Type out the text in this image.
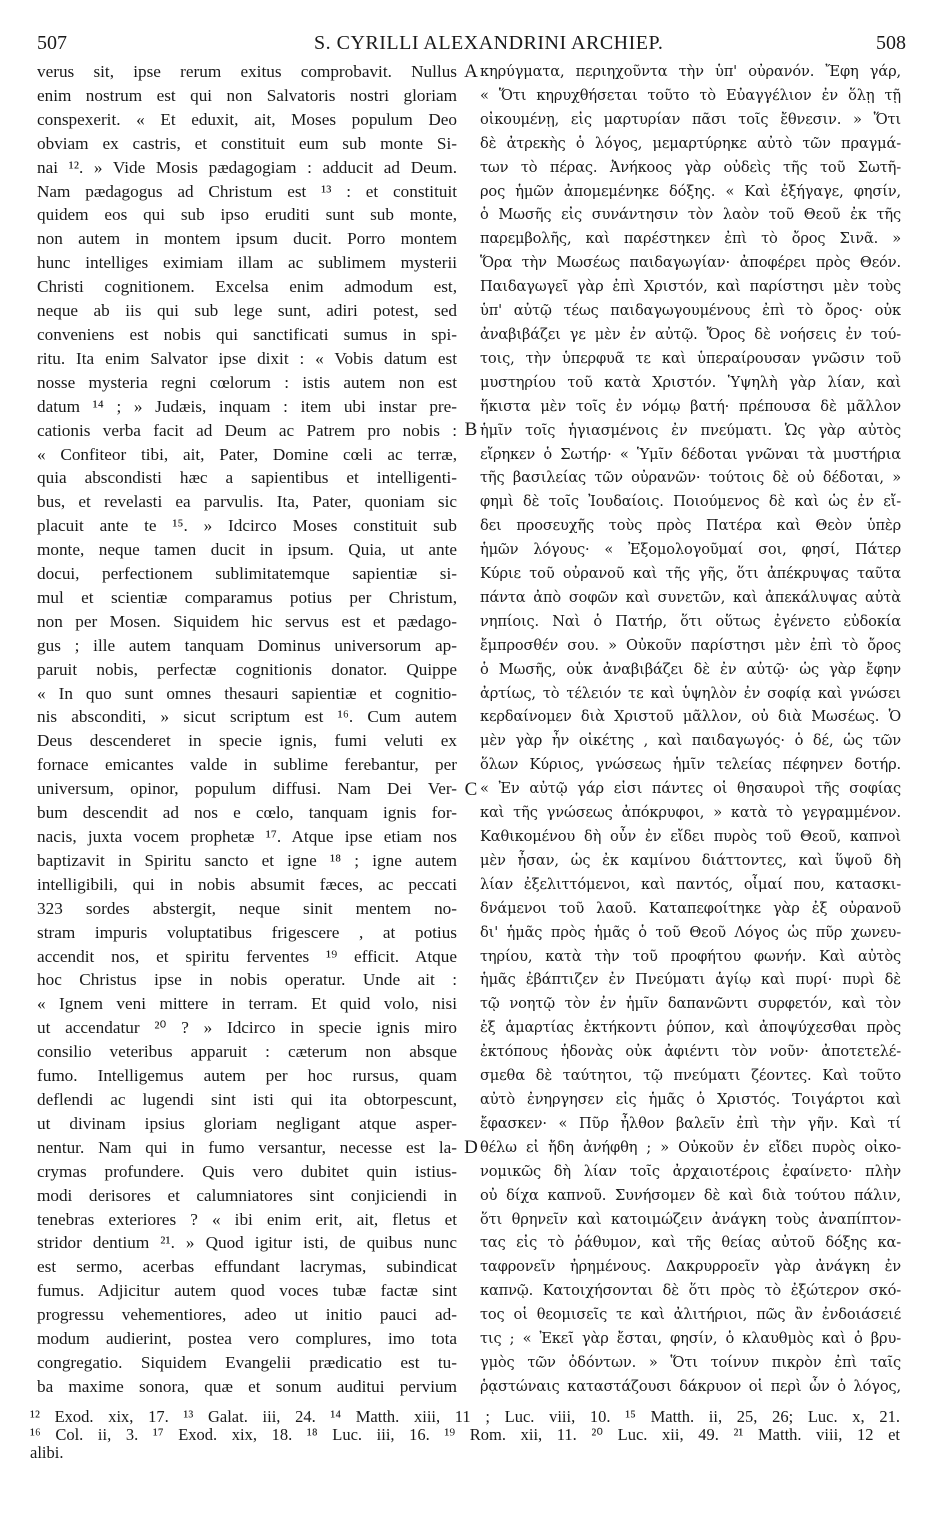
507	S. CYRILLI ALEXANDRINI ARCHIEP.	508
verus sit, ipse rerum exitus comprobavit. Nullus
enim nostrum est qui non Salvatoris nostri gloriam
conspexerit. « Et eduxit, ait, Moses populum Deo
obviam ex castris, et constituit eum sub monte Si-
nai ¹². » Vide Mosis pædagogiam : adducit ad Deum.
Nam pædagogus ad Christum est ¹³ : et constituit
quidem eos qui sub ipso eruditi sunt sub monte,
non autem in montem ipsum ducit. Porro montem
hunc intelliges eximiam illam ac sublimem mysterii
Christi cognitionem. Excelsa enim admodum est,
neque ab iis qui sub lege sunt, adiri potest, sed
conveniens est nobis qui sanctificati sumus in spi-
ritu. Ita enim Salvator ipse dixit : « Vobis datum est
nosse mysteria regni cœlorum : istis autem non est
datum ¹⁴ ; » Judæis, inquam : item ubi instar pre-
cationis verba facit ad Deum ac Patrem pro nobis :
« Confiteor tibi, ait, Pater, Domine cœli ac terræ,
quia abscondisti hæc a sapientibus et intelligenti-
bus, et revelasti ea parvulis. Ita, Pater, quoniam sic
placuit ante te ¹⁵. » Idcirco Moses constituit sub
monte, neque tamen ducit in ipsum. Quia, ut ante
docui, perfectionem sublimitatemque sapientiæ si-
mul et scientiæ comparamus potius per Christum,
non per Mosen. Siquidem hic servus est et pædago-
gus ; ille autem tanquam Dominus universorum ap-
paruit nobis, perfectæ cognitionis donator. Quippe
« In quo sunt omnes thesauri sapientiæ et cognitio-
nis absconditi, » sicut scriptum est ¹⁶. Cum autem
Deus descenderet in specie ignis, fumi veluti ex
fornace emicantes valde in sublime ferebantur, per
universum, opinor, populum diffusi. Nam Dei Ver-
bum descendit ad nos e cœlo, tanquam ignis for-
nacis, juxta vocem prophetæ ¹⁷. Atque ipse etiam nos
baptizavit in Spiritu sancto et igne ¹⁸ ; igne autem
intelligibili, qui in nobis absumit fæces, ac peccati
323 sordes abstergit, neque sinit mentem no-
stram impuris voluptatibus frigescere , at potius
accendit nos, et spiritu ferventes ¹⁹ efficit. Atque
hoc Christus ipse in nobis operatur. Unde ait :
« Ignem veni mittere in terram. Et quid volo, nisi
ut accendatur ²⁰ ? » Idcirco in specie ignis miro
consilio veteribus apparuit : cæterum non absque
fumo. Intelligemus autem per hoc rursus, quam
deflendi ac lugendi sint isti qui ita obtorpescunt,
ut divinam ipsius gloriam negligant atque asper-
nentur. Nam qui in fumo versantur, necesse est la-
crymas profundere. Quis vero dubitet quin istius-
modi derisores et calumniatores sint conjiciendi in
tenebras exteriores ? « ibi enim erit, ait, fletus et
stridor dentium ²¹. » Quod igitur isti, de quibus nunc
est sermo, acerbas effundant lacrymas, subindicat
fumus. Adjicitur autem quod voces tubæ factæ sint
progressu vehementiores, adeo ut initio pauci ad-
modum audierint, postea vero complures, imo tota
congregatio. Siquidem Evangelii prædicatio est tu-
ba maxime sonora, quæ et sonum auditui pervium
A
B
C
D
κηρύγματα, περιηχοῦντα τὴν ὑπ' οὐρανόν. Ἔφη γάρ,
« Ὅτι κηρυχθήσεται τοῦτο τὸ Εὐαγγέλιον ἐν ὅλῃ τῇ
οἰκουμένῃ, εἰς μαρτυρίαν πᾶσι τοῖς ἔθνεσιν. » Ὅτι
δὲ ἀτρεκὴς ὁ λόγος, μεμαρτύρηκε αὐτὸ τῶν πραγμά-
των τὸ πέρας. Ἀνήκοος γὰρ οὐδεὶς τῆς τοῦ Σωτῆ-
ρος ἡμῶν ἀπομεμένηκε δόξης. « Καὶ ἐξήγαγε, φησίν,
ὁ Μωσῆς εἰς συνάντησιν τὸν λαὸν τοῦ Θεοῦ ἐκ τῆς
παρεμβολῆς, καὶ παρέστηκεν ἐπὶ τὸ ὄρος Σινᾶ. »
Ὅρα τὴν Μωσέως παιδαγωγίαν· ἀποφέρει πρὸς Θεόν.
Παιδαγωγεῖ γὰρ ἐπὶ Χριστόν, καὶ παρίστησι μὲν τοὺς
ὑπ' αὐτῷ τέως παιδαγωγουμένους ἐπὶ τὸ ὄρος· οὐκ
ἀναβιβάζει γε μὲν ἐν αὐτῷ. Ὄρος δὲ νοήσεις ἐν τού-
τοις, τὴν ὑπερφυᾶ τε καὶ ὑπεραίρουσαν γνῶσιν τοῦ
μυστηρίου τοῦ κατὰ Χριστόν. Ὑψηλὴ γὰρ λίαν, καὶ
ἥκιστα μὲν τοῖς ἐν νόμῳ βατή· πρέπουσα δὲ μᾶλλον
ἡμῖν τοῖς ἡγιασμένοις ἐν πνεύματι. Ὡς γὰρ αὐτὸς
εἴρηκεν ὁ Σωτήρ· « Ὑμῖν δέδοται γνῶναι τὰ μυστήρια
τῆς βασιλείας τῶν οὐρανῶν· τούτοις δὲ οὐ δέδοται, »
φημὶ δὲ τοῖς Ἰουδαίοις. Ποιούμενος δὲ καὶ ὡς ἐν εἴ-
δει προσευχῆς τοὺς πρὸς Πατέρα καὶ Θεὸν ὑπὲρ
ἡμῶν λόγους· « Ἐξομολογοῦμαί σοι, φησί, Πάτερ
Κύριε τοῦ οὐρανοῦ καὶ τῆς γῆς, ὅτι ἀπέκρυψας ταῦτα
πάντα ἀπὸ σοφῶν καὶ συνετῶν, καὶ ἀπεκάλυψας αὐτὰ
νηπίοις. Ναὶ ὁ Πατήρ, ὅτι οὕτως ἐγένετο εὐδοκία
ἔμπροσθέν σου. » Οὐκοῦν παρίστησι μὲν ἐπὶ τὸ ὄρος
ὁ Μωσῆς, οὐκ ἀναβιβάζει δὲ ἐν αὐτῷ· ὡς γὰρ ἔφην
ἀρτίως, τὸ τέλειόν τε καὶ ὑψηλὸν ἐν σοφίᾳ καὶ γνώσει
κερδαίνομεν διὰ Χριστοῦ μᾶλλον, οὐ διὰ Μωσέως. Ὁ
μὲν γὰρ ἦν οἰκέτης , καὶ παιδαγωγός· ὁ δέ, ὡς τῶν
ὅλων Κύριος, γνώσεως ἡμῖν τελείας πέφηνεν δοτήρ.
« Ἐν αὐτῷ γάρ εἰσι πάντες οἱ θησαυροὶ τῆς σοφίας
καὶ τῆς γνώσεως ἀπόκρυφοι, » κατὰ τὸ γεγραμμένον.
Καθικομένου δὴ οὖν ἐν εἴδει πυρὸς τοῦ Θεοῦ, καπνοὶ
μὲν ἦσαν, ὡς ἐκ καμίνου διάττοντες, καὶ ὕψοῦ δὴ
λίαν ἐξελιττόμενοι, καὶ παντός, οἶμαί που, κατασκι-
δνάμενοι τοῦ λαοῦ. Καταπεφοίτηκε γὰρ ἐξ οὐρανοῦ
δι' ἡμᾶς πρὸς ἡμᾶς ὁ τοῦ Θεοῦ Λόγος ὡς πῦρ χωνευ-
τηρίου, κατὰ τὴν τοῦ προφήτου φωνήν. Καὶ αὐτὸς
ἡμᾶς ἐβάπτιζεν ἐν Πνεύματι ἁγίῳ καὶ πυρί· πυρὶ δὲ
τῷ νοητῷ τὸν ἐν ἡμῖν δαπανῶντι συρφετόν, καὶ τὸν
ἐξ ἁμαρτίας ἐκτήκοντι ῥύπον, καὶ ἀποψύχεσθαι πρὸς
ἐκτόπους ἡδονὰς οὐκ ἀφιέντι τὸν νοῦν· ἀποτετελέ-
σμεθα δὲ ταύτητοι, τῷ πνεύματι ζέοντες. Καὶ τοῦτο
αὐτὸ ἐνηργησεν εἰς ἡμᾶς ὁ Χριστός. Τοιγάρτοι καὶ
ἔφασκεν· « Πῦρ ἦλθον βαλεῖν ἐπὶ τὴν γῆν. Καὶ τί
θέλω εἰ ἤδη ἀνήφθη ; » Οὐκοῦν ἐν εἴδει πυρὸς οἰκο-
νομικῶς δὴ λίαν τοῖς ἀρχαιοτέροις ἐφαίνετο· πλὴν
οὐ δίχα καπνοῦ. Συνήσομεν δὲ καὶ διὰ τούτου πάλιν,
ὅτι θρηνεῖν καὶ κατοιμώζειν ἀνάγκη τοὺς ἀναπίπτον-
τας εἰς τὸ ῥάθυμον, καὶ τῆς θείας αὐτοῦ δόξης κα-
ταφρονεῖν ἠρημένους. Δακρυρροεῖν γὰρ ἀνάγκη ἐν
καπνῷ. Κατοιχήσονται δὲ ὅτι πρὸς τὸ ἐξώτερον σκό-
τος οἱ θεομισεῖς τε καὶ ἀλιτήριοι, πῶς ἂν ἐνδοιάσειέ
τις ; « Ἐκεῖ γὰρ ἔσται, φησίν, ὁ κλαυθμὸς καὶ ὁ βρυ-
γμὸς τῶν ὀδόντων. » Ὅτι τοίνυν πικρὸν ἐπὶ ταῖς
ῥᾳστώναις καταστάζουσι δάκρυον οἱ περὶ ὧν ὁ λόγος,
¹² Exod. xix, 17. ¹³ Galat. iii, 24. ¹⁴ Matth. xiii, 11 ; Luc. viii, 10. ¹⁵ Matth. ii, 25, 26; Luc. x, 21.
¹⁶ Col. ii, 3. ¹⁷ Exod. xix, 18. ¹⁸ Luc. iii, 16. ¹⁹ Rom. xii, 11. ²⁰ Luc. xii, 49. ²¹ Matth. viii, 12 et
alibi.
